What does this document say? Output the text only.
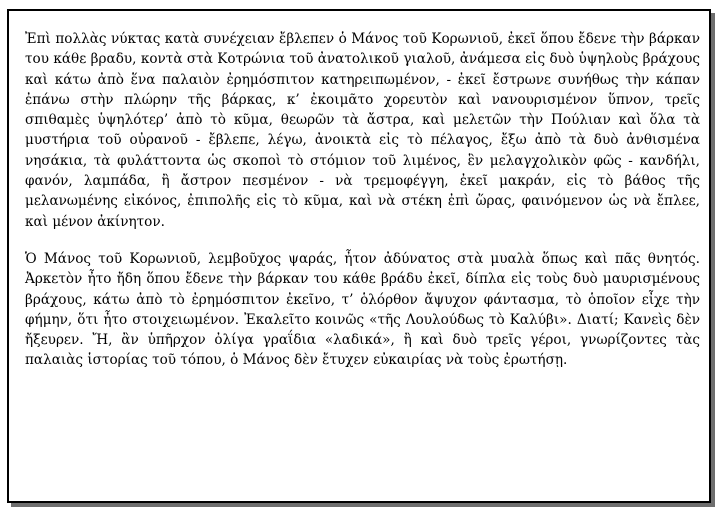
Ἐπὶ πολλὰς νύκτας κατὰ συνέχειαν ἔβλεπεν ὁ Μάνος τοῦ Κορωνιοῦ, ἐκεῖ ὅπου ἔδενε τὴν βάρκαν του κάθε βραδυ, κοντὰ στὰ Κοτρώνια τοῦ ἀνατολικοῦ γιαλοῦ, ἀνάμεσα εἰς δυὸ ὑψηλοὺς βράχους καὶ κάτω ἀπὸ ἕνα παλαιὸν ἐρημόσπιτον κατηρειπωμένον, - ἐκεῖ ἔστρωνε συνήθως τὴν κάπαν ἐπάνω στὴν πλώρην τῆς βάρκας, κ’ ἐκοιμᾶτο χορευτὸν καὶ νανουρισμένον ὕπνον, τρεῖς σπιθαμὲς ὑψηλότερ’ ἀπὸ τὸ κῦμα, θεωρῶν τὰ ἄστρα, καὶ μελετῶν τὴν Πούλιαν καὶ ὅλα τὰ μυστήρια τοῦ οὐρανοῦ - ἔβλεπε, λέγω, ἀνοικτὰ εἰς τὸ πέλαγος, ἔξω ἀπὸ τὰ δυὸ ἀνθισμένα νησάκια, τὰ φυλάττοντα ὡς σκοποὶ τὸ στόμιον τοῦ λιμένος, ἓν μελαγχολικὸν φῶς - κανδήλι, φανόν, λαμπάδα, ἢ ἄστρον πεσμένον - νὰ τρεμοφέγγη, ἐκεῖ μακράν, εἰς τὸ βάθος τῆς μελανωμένης εἰκόνος, ἐπιπολῆς εἰς τὸ κῦμα, καὶ νὰ στέκη ἐπὶ ὥρας, φαινόμενον ὡς νὰ ἔπλεε, καὶ μένον ἀκίνητον.

Ὁ Μάνος τοῦ Κορωνιοῦ, λεμβοῦχος ψαράς, ἦτον ἀδύνατος στὰ μυαλὰ ὅπως καὶ πᾶς θνητός. Ἀρκετὸν ἦτο ἤδη ὅπου ἔδενε τὴν βάρκαν του κάθε βράδυ ἐκεῖ, δίπλα εἰς τοὺς δυὸ μαυρισμένους βράχους, κάτω ἀπὸ τὸ ἐρημόσπιτον ἐκεῖνο, τ’ ὁλόρθον ἄψυχον φάντασμα, τὸ ὁποῖον εἶχε τὴν φήμην, ὅτι ἦτο στοιχειωμένον. Ἐκαλεῖτο κοινῶς «τῆς Λουλούδως τὸ Καλύβι». Διατί; Κανεὶς δὲν ἤξευρεν. Ἤ, ἂν ὑπῆρχον ὀλίγα γραΐδια «λαδικά», ἢ καὶ δυὸ τρεῖς γέροι, γνωρίζοντες τὰς παλαιὰς ἱστορίας τοῦ τόπου, ὁ Μάνος δὲν ἔτυχεν εὐκαιρίας νὰ τοὺς ἐρωτήσῃ.
